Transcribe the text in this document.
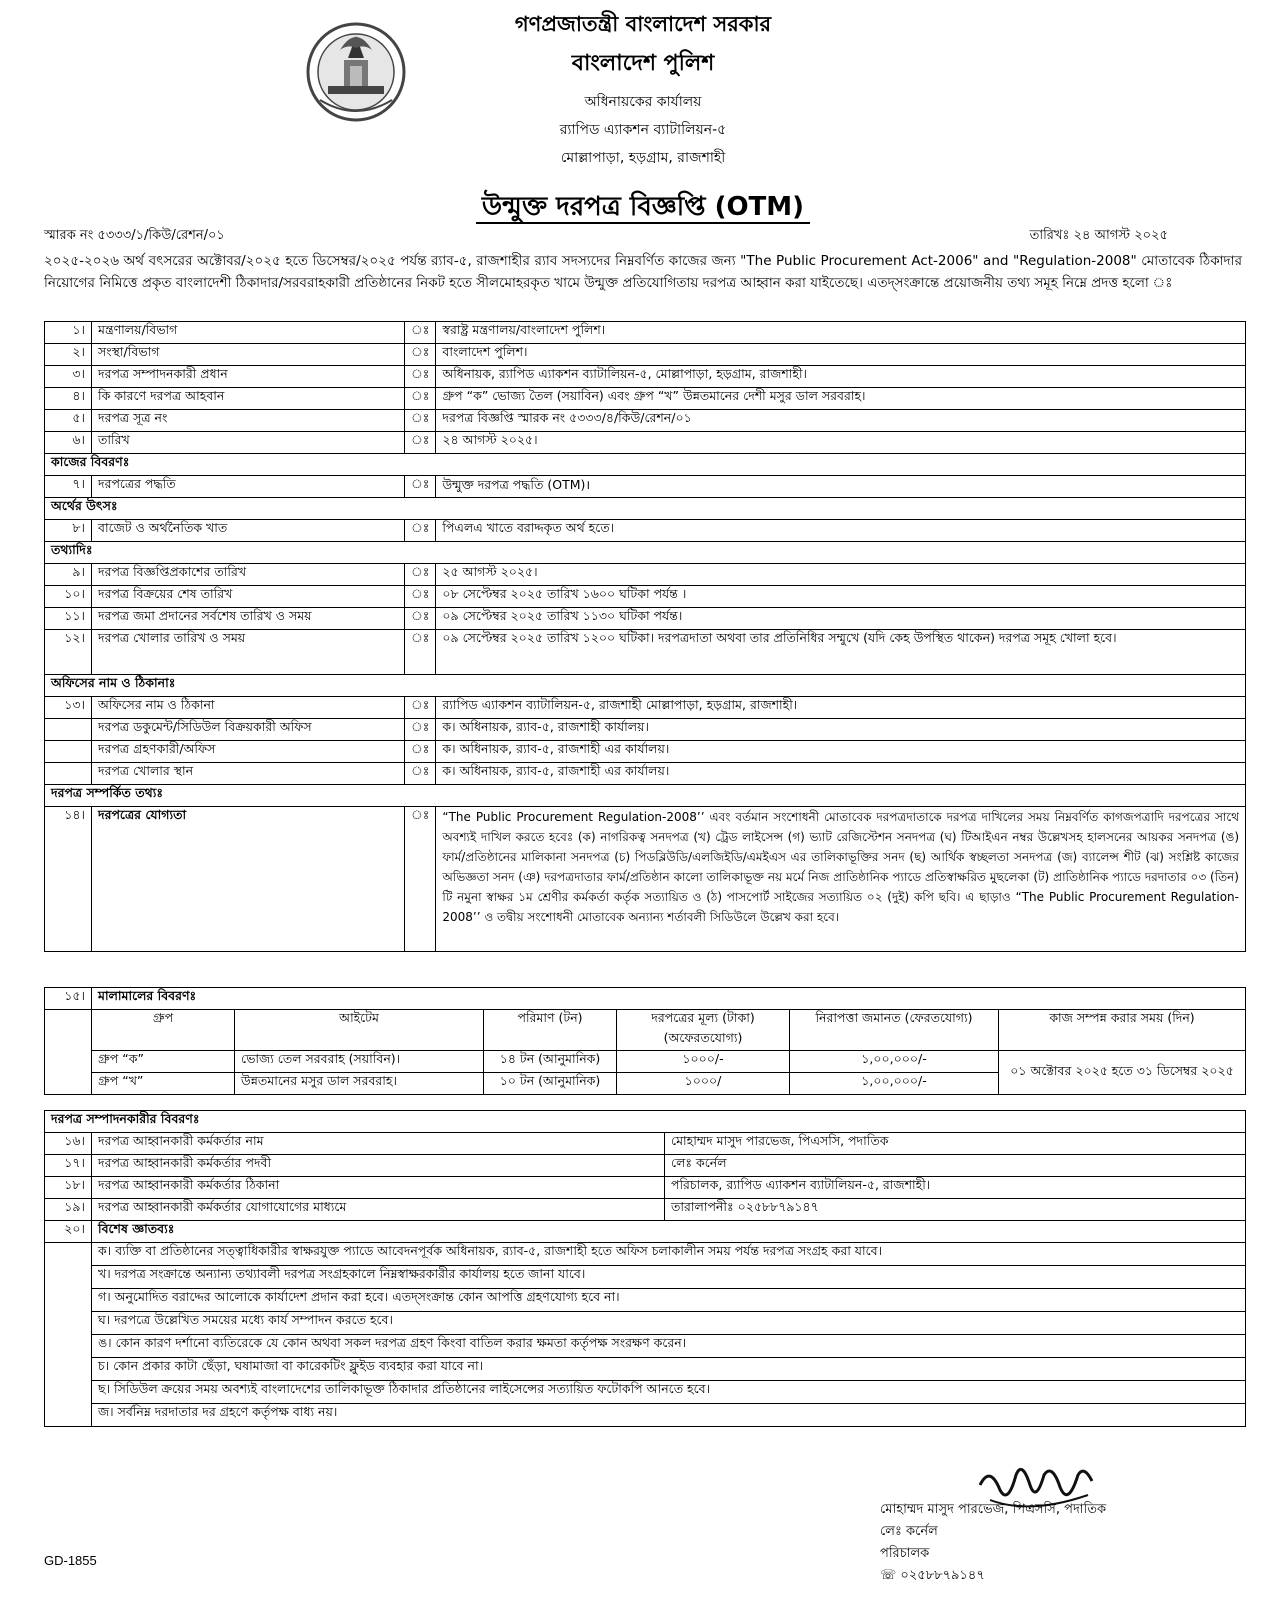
গণপ্রজাতন্ত্রী বাংলাদেশ সরকার
বাংলাদেশ পুলিশ
অধিনায়কের কার্যালয়
র‍্যাপিড এ্যাকশন ব্যাটালিয়ন-৫
মোল্লাপাড়া, হড়গ্রাম, রাজশাহী
উন্মুক্ত দরপত্র বিজ্ঞপ্তি (OTM)
স্মারক নং ৫৩৩৩/১/কিউ/রেশন/০১	তারিখঃ ২৪ আগস্ট ২০২৫
২০২৫-২০২৬ অর্থ বৎসরের অক্টোবর/২০২৫ হতে ডিসেম্বর/২০২৫ পর্যন্ত র‍্যাব-৫, রাজশাহীর র‍্যাব সদস্যদের নিম্নবর্ণিত কাজের জন্য "The Public Procurement Act-2006" and "Regulation-2008" মোতাবেক ঠিকাদার নিয়োগের নিমিত্তে প্রকৃত বাংলাদেশী ঠিকাদার/সরবরাহকারী প্রতিষ্ঠানের নিকট হতে সীলমোহরকৃত খামে উন্মুক্ত প্রতিযোগিতায় দরপত্র আহ্বান করা যাইতেছে। এতদ্‌সংক্রান্তে প্রয়োজনীয় তথ্য সমূহ নিম্নে প্রদত্ত হলো ঃ
১।	মন্ত্রণালয়/বিভাগ	ঃ	স্বরাষ্ট্র মন্ত্রণালয়/বাংলাদেশ পুলিশ।
২।	সংস্থা/বিভাগ	ঃ	বাংলাদেশ পুলিশ।
৩।	দরপত্র সম্পাদনকারী প্রধান	ঃ	অধিনায়ক, র‍্যাপিড এ্যাকশন ব্যাটালিয়ন-৫, মোল্লাপাড়া, হড়গ্রাম, রাজশাহী।
৪।	কি কারণে দরপত্র আহবান	ঃ	গ্রুপ “ক” ভোজ্য তৈল (সয়াবিন) এবং গ্রুপ “খ” উন্নতমানের দেশী মসুর ডাল সরবরাহ।
৫।	দরপত্র সূত্র নং	ঃ	দরপত্র বিজ্ঞপ্তি স্মারক নং ৫৩৩৩/৪/কিউ/রেশন/০১
৬।	তারিখ	ঃ	২৪ আগস্ট ২০২৫।
কাজের বিবরণঃ			
৭।	দরপত্রের পদ্ধতি	ঃ	উন্মুক্ত দরপত্র পদ্ধতি (OTM)।
অর্থের উৎসঃ			
৮।	বাজেট ও অর্থনৈতিক খাত	ঃ	পিএলএ খাতে বরাদ্দকৃত অর্থ হতে।
তথ্যাদিঃ			
৯।	দরপত্র বিজ্ঞপ্তিপ্রকাশের তারিখ	ঃ	২৫ আগস্ট ২০২৫।
১০।	দরপত্র বিক্রয়ের শেষ তারিখ	ঃ	০৮ সেপ্টেম্বর ২০২৫ তারিখ ১৬০০ ঘটিকা পর্যন্ত ।
১১।	দরপত্র জমা প্রদানের সর্বশেষ তারিখ ও সময়	ঃ	০৯ সেপ্টেম্বর ২০২৫ তারিখ ১১৩০ ঘটিকা পর্যন্ত।
১২।	দরপত্র খোলার তারিখ ও সময়	ঃ	০৯ সেপ্টেম্বর ২০২৫ তারিখ ১২০০ ঘটিকা। দরপত্রদাতা অথবা তার প্রতিনিধির সম্মুখে (যদি কেহ উপস্থিত থাকেন) দরপত্র সমূহ খোলা হবে।
অফিসের নাম ও ঠিকানাঃ			
১৩।	অফিসের নাম ও ঠিকানা	ঃ	র‍্যাপিড এ্যাকশন ব্যাটালিয়ন-৫, রাজশাহী মোল্লাপাড়া, হড়গ্রাম, রাজশাহী।
	দরপত্র ডকুমেন্ট/সিডিউল বিক্রয়কারী অফিস	ঃ	ক। অধিনায়ক, র‍্যাব-৫, রাজশাহী কার্যালয়।
	দরপত্র গ্রহণকারী/অফিস	ঃ	ক। অধিনায়ক, র‍্যাব-৫, রাজশাহী এর কার্যালয়।
	দরপত্র খোলার স্থান	ঃ	ক। অধিনায়ক, র‍্যাব-৫, রাজশাহী এর কার্যালয়।
দরপত্র সম্পর্কিত তথ্যঃ			
১৪।	দরপত্রের যোগ্যতা	ঃ	“The Public Procurement Regulation-2008’’ এবং বর্তমান সংশোধনী মোতাবেক দরপত্রদাতাকে দরপত্র দাখিলের সময় নিম্নবর্ণিত কাগজপত্রাদি দরপত্রের সাথে অবশ্যই দাখিল করতে হবেঃ (ক) নাগরিকত্ব সনদপত্র (খ) ট্রেড লাইসেন্স (গ) ভ্যাট রেজিস্টেশন সনদপত্র (ঘ) টিআইএন নম্বর উল্লেখসহ হালসনের আয়কর সনদপত্র (ঙ) ফার্ম/প্রতিষ্ঠানের মালিকানা সনদপত্র (চ) পিডব্লিউডি/এলজিইডি/এমইএস এর তালিকাভূক্তির সনদ (ছ) আর্থিক স্বচ্ছলতা সনদপত্র (জ) ব্যালেন্স শীট (ঝ) সংশ্লিষ্ট কাজের অভিজ্ঞতা সনদ (ঞ) দরপত্রদাতার ফার্ম/প্রতিষ্ঠান কালো তালিকাভূক্ত নয় মর্মে নিজ প্রাতিষ্ঠানিক প্যাডে প্রতিস্বাক্ষরিত মুছলেকা (ট) প্রাতিষ্ঠানিক প্যাডে দরদাতার ০৩ (তিন) টি নমুনা স্বাক্ষর ১ম শ্রেণীর কর্মকর্তা কর্তৃক সত্যায়িত ও (ঠ) পাসপোর্ট সাইজের সত্যায়িত ০২ (দুই) কপি ছবি। এ ছাড়াও “The Public Procurement Regulation-2008’’ ও তদ্বীয় সংশোধনী মোতাবেক অন্যান্য শর্তাবলী সিডিউলে উল্লেখ করা হবে।
১৫।	মালামালের বিবরণঃ					
	গ্রুপ	আইটেম	পরিমাণ (টন)	দরপত্রের মূল্য (টাকা) (অফেরতযোগ্য)	নিরাপত্তা জমানত (ফেরতযোগ্য)	কাজ সম্পন্ন করার সময় (দিন)
	গ্রুপ “ক”	ভোজ্য তেল সরবরাহ (সয়াবিন)।	১৪ টন (আনুমানিক)	১০০০/-	১,০০,০০০/-	০১ অক্টোবর ২০২৫ হতে ৩১ ডিসেম্বর ২০২৫
	গ্রুপ “খ”	উন্নতমানের মসুর ডাল সরবরাহ।	১০ টন (আনুমানিক)	১০০০/	১,০০,০০০/-	
দরপত্র সম্পাদনকারীর বিবরণঃ		
১৬।	দরপত্র আহ্বানকারী কর্মকর্তার নাম	মোহাম্মদ মাসুদ পারভেজ, পিএসসি, পদাতিক
১৭।	দরপত্র আহ্বানকারী কর্মকর্তার পদবী	লেঃ কর্নেল
১৮।	দরপত্র আহ্বানকারী কর্মকর্তার ঠিকানা	পরিচালক, র‍্যাপিড এ্যাকশন ব্যাটালিয়ন-৫, রাজশাহী।
১৯।	দরপত্র আহ্বানকারী কর্মকর্তার যোগাযোগের মাধ্যমে	তারালাপনীঃ ০২৫৮৮৭৯১৪৭
২০।	বিশেষ জ্ঞাতব্যঃ	
	ক। ব্যক্তি বা প্রতিষ্ঠানের সত্ত্বাধিকারীর স্বাক্ষরযুক্ত প্যাডে আবেদনপূর্বক অধিনায়ক, র‍্যাব-৫, রাজশাহী হতে অফিস চলাকালীন সময় পর্যন্ত দরপত্র সংগ্রহ করা যাবে।	
	খ। দরপত্র সংক্রান্তে অন্যান্য তথ্যাবলী দরপত্র সংগ্রহকালে নিম্নস্বাক্ষরকারীর কার্যালয় হতে জানা যাবে।	
	গ। অনুমোদিত বরাদ্দের আলোকে কার্যাদেশ প্রদান করা হবে। এতদ্‌সংক্রান্ত কোন আপত্তি গ্রহণযোগ্য হবে না।	
	ঘ। দরপত্রে উল্লেখিত সময়ের মধ্যে কার্য সম্পাদন করতে হবে।	
	ঙ। কোন কারণ দর্শানো ব্যতিরেকে যে কোন অথবা সকল দরপত্র গ্রহণ কিংবা বাতিল করার ক্ষমতা কর্তৃপক্ষ সংরক্ষণ করেন।	
	চ। কোন প্রকার কাটা ছেঁড়া, ঘষামাজা বা কারেকটিং ফ্লুইড ব্যবহার করা যাবে না।	
	ছ। সিডিউল ক্রয়ের সময় অবশ্যই বাংলাদেশের তালিকাভূক্ত ঠিকাদার প্রতিষ্ঠানের লাইসেন্সের সত্যায়িত ফটোকপি আনতে হবে।	
	জ। সর্বনিম্ন দরদাতার দর গ্রহণে কর্তৃপক্ষ বাধ্য নয়।	
মোহাম্মদ মাসুদ পারভেজ, পিএসসি, পদাতিক
লেঃ কর্নেল
পরিচালক
☏ ০২৫৮৮৭৯১৪৭
GD-1855
